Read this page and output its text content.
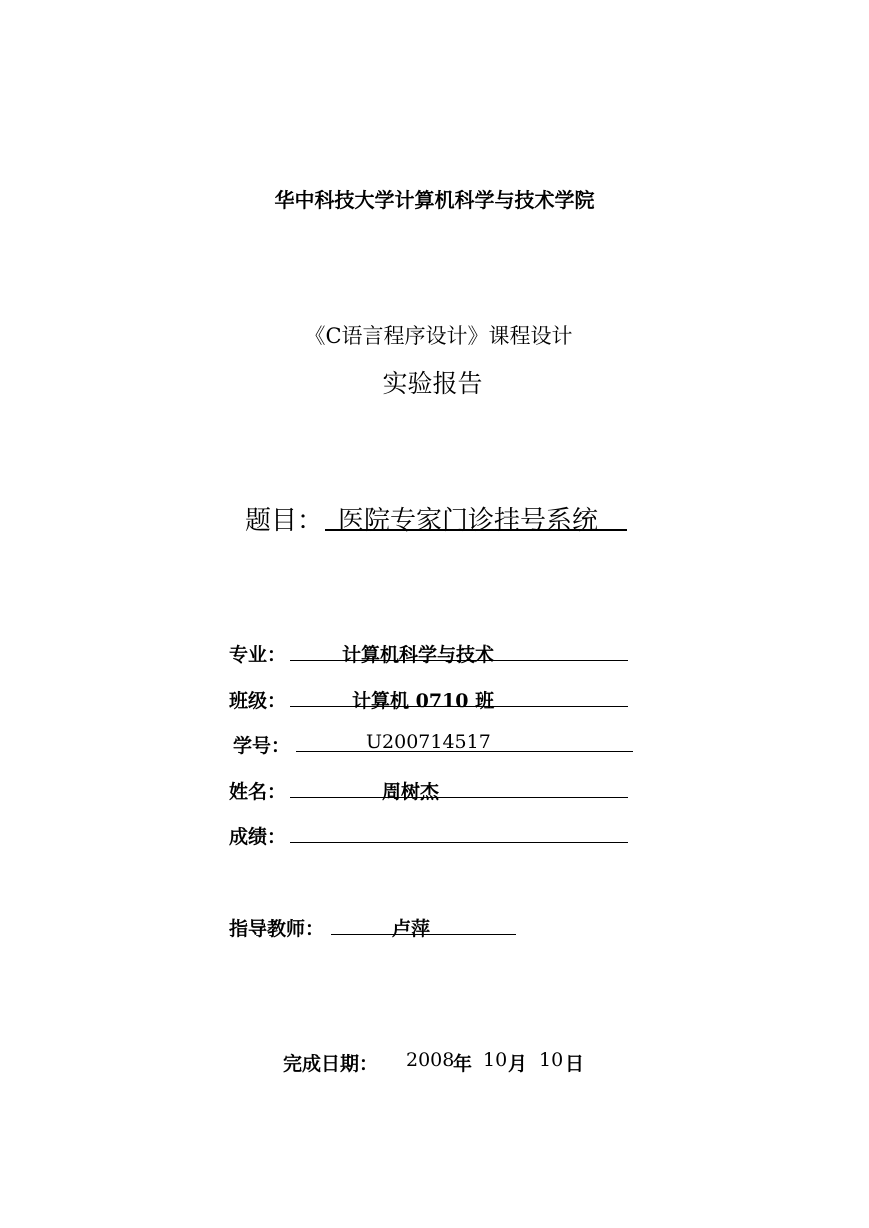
华中科技大学计算机科学与技术学院
《C语言程序设计》课程设计
实验报告
题目： 医院专家门诊挂号系统
专业：	计算机科学与技术
班级：	计算机 0710 班
学号：	U200714517
姓名：	周树杰
成绩：
指导教师：	卢萍
完成日期： 2008
年 10 月 10 日
